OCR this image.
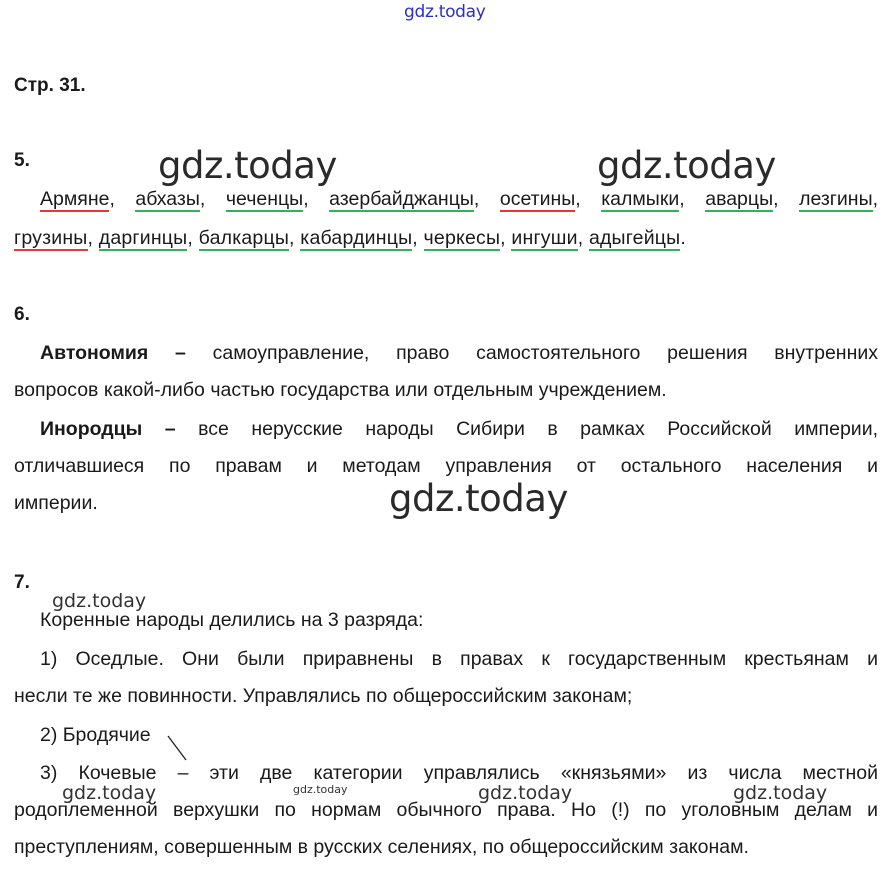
gdz.today
gdz.today	gdz.today
gdz.today
gdz.today
gdz.today	gdz.today	gdz.today	gdz.today
Стр. 31.
5.
Армяне, абхазы, чеченцы, азербайджанцы, осетины, калмыки, аварцы, лезгины,
грузины, даргинцы, балкарцы, кабардинцы, черкесы, ингуши, адыгейцы.
6.
Автономия – самоуправление, право самостоятельного решения внутренних
вопросов какой-либо частью государства или отдельным учреждением.
Инородцы – все нерусские народы Сибири в рамках Российской империи,
отличавшиеся по правам и методам управления от остального населения и
империи.
7.
Коренные народы делились на 3 разряда:
1) Оседлые. Они были приравнены в правах к государственным крестьянам и
несли те же повинности. Управлялись по общероссийским законам;
2) Бродячие
3) Кочевые – эти две категории управлялись «князьями» из числа местной
родоплеменной верхушки по нормам обычного права. Но (!) по уголовным делам и
преступлениям, совершенным в русских селениях, по общероссийским законам.
